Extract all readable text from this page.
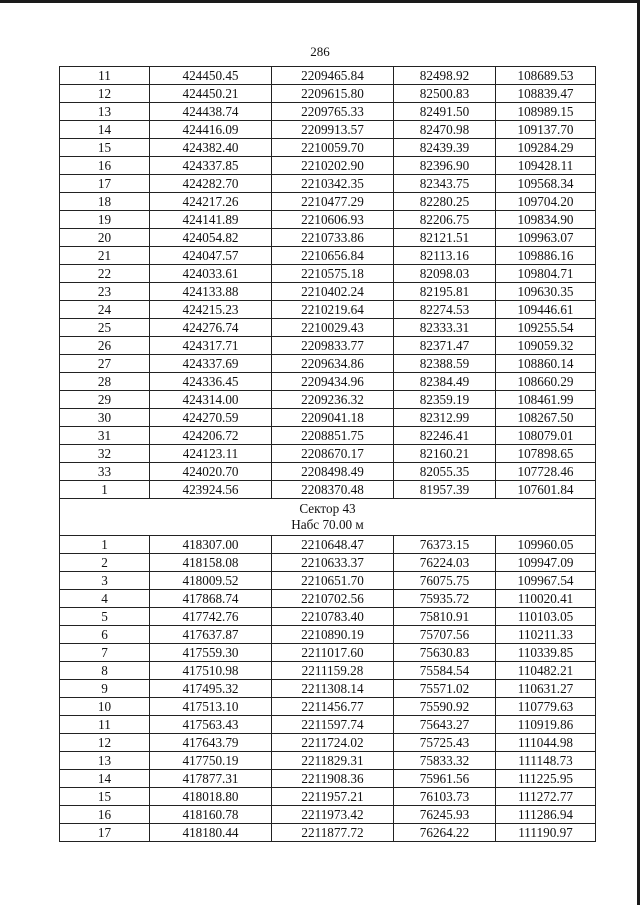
286
11	424450.45	2209465.84	82498.92	108689.53
12	424450.21	2209615.80	82500.83	108839.47
13	424438.74	2209765.33	82491.50	108989.15
14	424416.09	2209913.57	82470.98	109137.70
15	424382.40	2210059.70	82439.39	109284.29
16	424337.85	2210202.90	82396.90	109428.11
17	424282.70	2210342.35	82343.75	109568.34
18	424217.26	2210477.29	82280.25	109704.20
19	424141.89	2210606.93	82206.75	109834.90
20	424054.82	2210733.86	82121.51	109963.07
21	424047.57	2210656.84	82113.16	109886.16
22	424033.61	2210575.18	82098.03	109804.71
23	424133.88	2210402.24	82195.81	109630.35
24	424215.23	2210219.64	82274.53	109446.61
25	424276.74	2210029.43	82333.31	109255.54
26	424317.71	2209833.77	82371.47	109059.32
27	424337.69	2209634.86	82388.59	108860.14
28	424336.45	2209434.96	82384.49	108660.29
29	424314.00	2209236.32	82359.19	108461.99
30	424270.59	2209041.18	82312.99	108267.50
31	424206.72	2208851.75	82246.41	108079.01
32	424123.11	2208670.17	82160.21	107898.65
33	424020.70	2208498.49	82055.35	107728.46
1	423924.56	2208370.48	81957.39	107601.84

Сектор 43
Набс 70.00 м				

1	418307.00	2210648.47	76373.15	109960.05
2	418158.08	2210633.37	76224.03	109947.09
3	418009.52	2210651.70	76075.75	109967.54
4	417868.74	2210702.56	75935.72	110020.41
5	417742.76	2210783.40	75810.91	110103.05
6	417637.87	2210890.19	75707.56	110211.33
7	417559.30	2211017.60	75630.83	110339.85
8	417510.98	2211159.28	75584.54	110482.21
9	417495.32	2211308.14	75571.02	110631.27
10	417513.10	2211456.77	75590.92	110779.63
11	417563.43	2211597.74	75643.27	110919.86
12	417643.79	2211724.02	75725.43	111044.98
13	417750.19	2211829.31	75833.32	111148.73
14	417877.31	2211908.36	75961.56	111225.95
15	418018.80	2211957.21	76103.73	111272.77
16	418160.78	2211973.42	76245.93	111286.94
17	418180.44	2211877.72	76264.22	111190.97
